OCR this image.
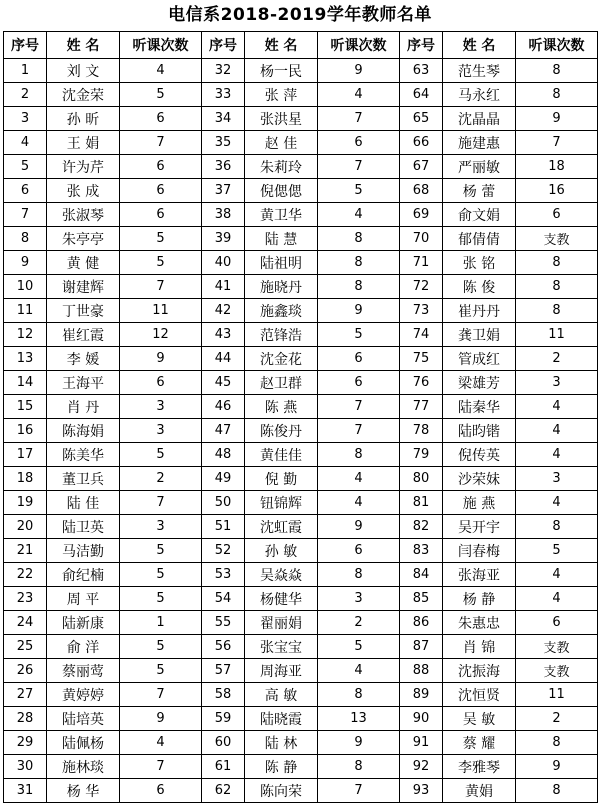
电信系2018-2019学年教师名单
序号	姓 名	听课次数	序号	姓 名	听课次数	序号	姓 名	听课次数
1	刘 文	4	32	杨一民	9	63	范生琴	8
2	沈金荣	5	33	张 萍	4	64	马永红	8
3	孙 昕	6	34	张洪星	7	65	沈晶晶	9
4	王 娟	7	35	赵 佳	6	66	施建惠	7
5	许为芹	6	36	朱莉玲	7	67	严丽敏	18
6	张 成	6	37	倪偲偲	5	68	杨 蕾	16
7	张淑琴	6	38	黄卫华	4	69	俞文娟	6
8	朱亭亭	5	39	陆 慧	8	70	郁倩倩	支教
9	黄 健	5	40	陆祖明	8	71	张 铭	8
10	谢建辉	7	41	施晓丹	8	72	陈 俊	8
11	丁世豪	11	42	施鑫琰	9	73	崔丹丹	8
12	崔红霞	12	43	范锋浩	5	74	龚卫娟	11
13	李 媛	9	44	沈金花	6	75	管成红	2
14	王海平	6	45	赵卫群	6	76	梁雄芳	3
15	肖 丹	3	46	陈 燕	7	77	陆秦华	4
16	陈海娟	3	47	陈俊丹	7	78	陆昀锴	4
17	陈美华	5	48	黄佳佳	8	79	倪传英	4
18	董卫兵	2	49	倪 勤	4	80	沙荣妹	3
19	陆 佳	7	50	钮锦辉	4	81	施 燕	4
20	陆卫英	3	51	沈虹霞	9	82	吴开宇	8
21	马洁勤	5	52	孙 敏	6	83	闫春梅	5
22	俞纪楠	5	53	吴焱焱	8	84	张海亚	4
23	周 平	5	54	杨健华	3	85	杨 静	4
24	陆新康	1	55	翟丽娟	2	86	朱惠忠	6
25	俞 洋	5	56	张宝宝	5	87	肖 锦	支教
26	蔡丽莺	5	57	周海亚	4	88	沈振海	支教
27	黄婷婷	7	58	高 敏	8	89	沈恒贤	11
28	陆培英	9	59	陆晓霞	13	90	吴 敏	2
29	陆佩杨	4	60	陆 林	9	91	蔡 耀	8
30	施林琰	7	61	陈 静	8	92	李雅琴	9
31	杨 华	6	62	陈向荣	7	93	黄娟	8
